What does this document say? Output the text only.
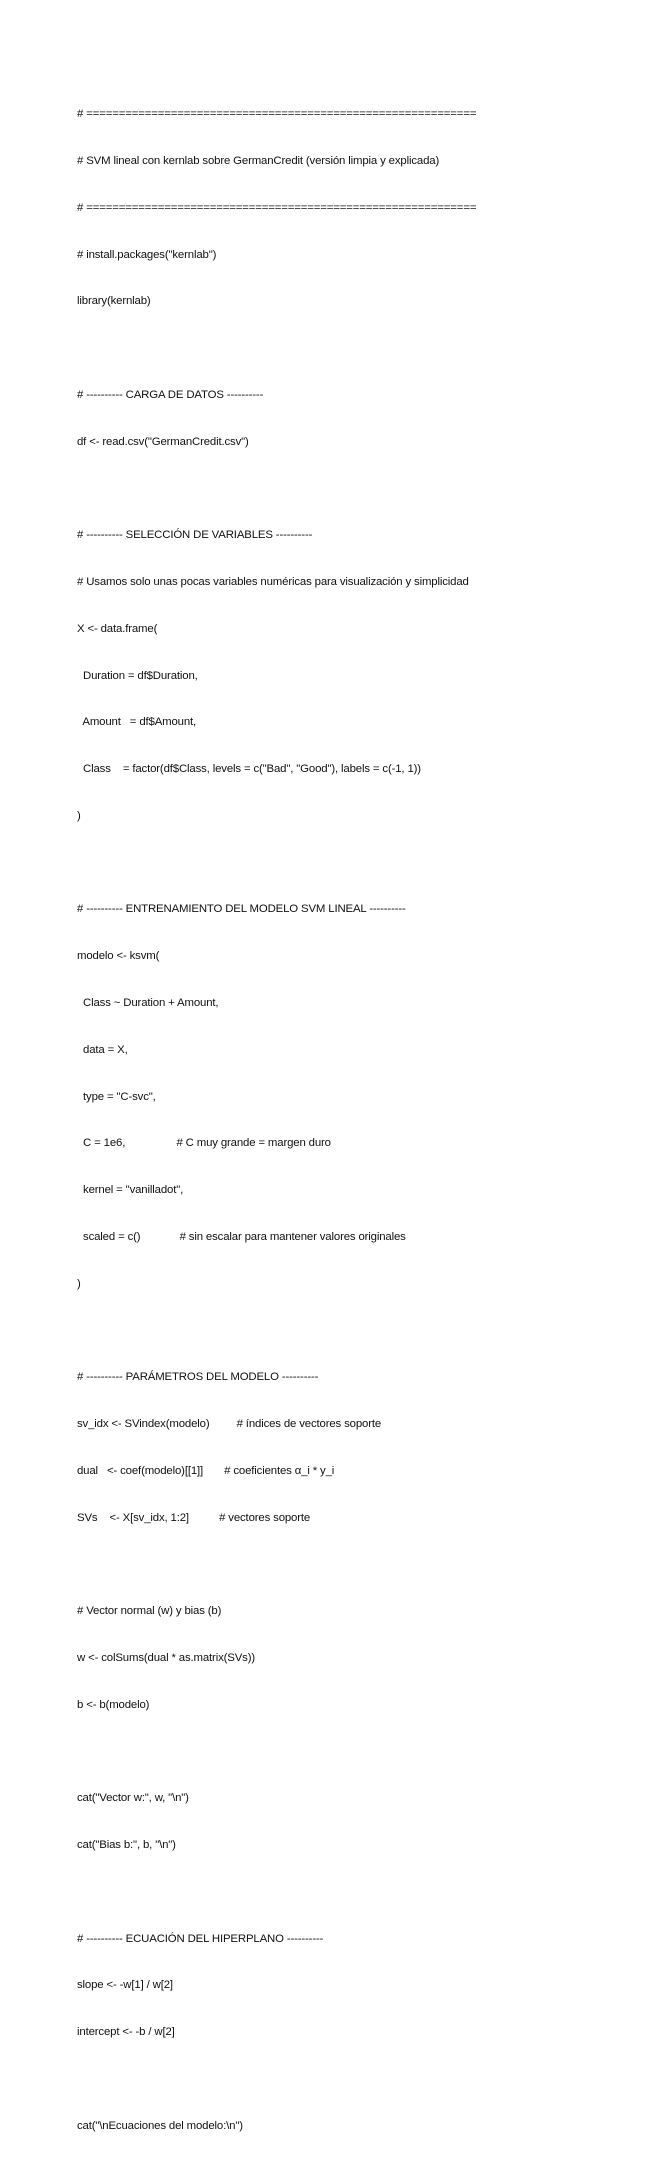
# ============================================================

# SVM lineal con kernlab sobre GermanCredit (versión limpia y explicada)

# ============================================================

# install.packages("kernlab")

library(kernlab)

# ---------- CARGA DE DATOS ----------

df <- read.csv("GermanCredit.csv")

# ---------- SELECCIÓN DE VARIABLES ----------

# Usamos solo unas pocas variables numéricas para visualización y simplicidad

X <- data.frame(

Duration = df$Duration,

Amount   = df$Amount,

Class    = factor(df$Class, levels = c("Bad", "Good"), labels = c(-1, 1))

)

# ---------- ENTRENAMIENTO DEL MODELO SVM LINEAL ----------

modelo <- ksvm(

Class ~ Duration + Amount,

data = X,

type = "C-svc",

C = 1e6,                 # C muy grande = margen duro

kernel = "vanilladot",

scaled = c()             # sin escalar para mantener valores originales

)

# ---------- PARÁMETROS DEL MODELO ----------

sv_idx <- SVindex(modelo)         # índices de vectores soporte

dual   <- coef(modelo)[[1]]       # coeficientes α_i * y_i

SVs    <- X[sv_idx, 1:2]          # vectores soporte

# Vector normal (w) y bias (b)

w <- colSums(dual * as.matrix(SVs))

b <- b(modelo)

cat("Vector w:", w, "\n")

cat("Bias b:", b, "\n")

# ---------- ECUACIÓN DEL HIPERPLANO ----------

slope <- -w[1] / w[2]

intercept <- -b / w[2]

cat("\nEcuaciones del modelo:\n")
